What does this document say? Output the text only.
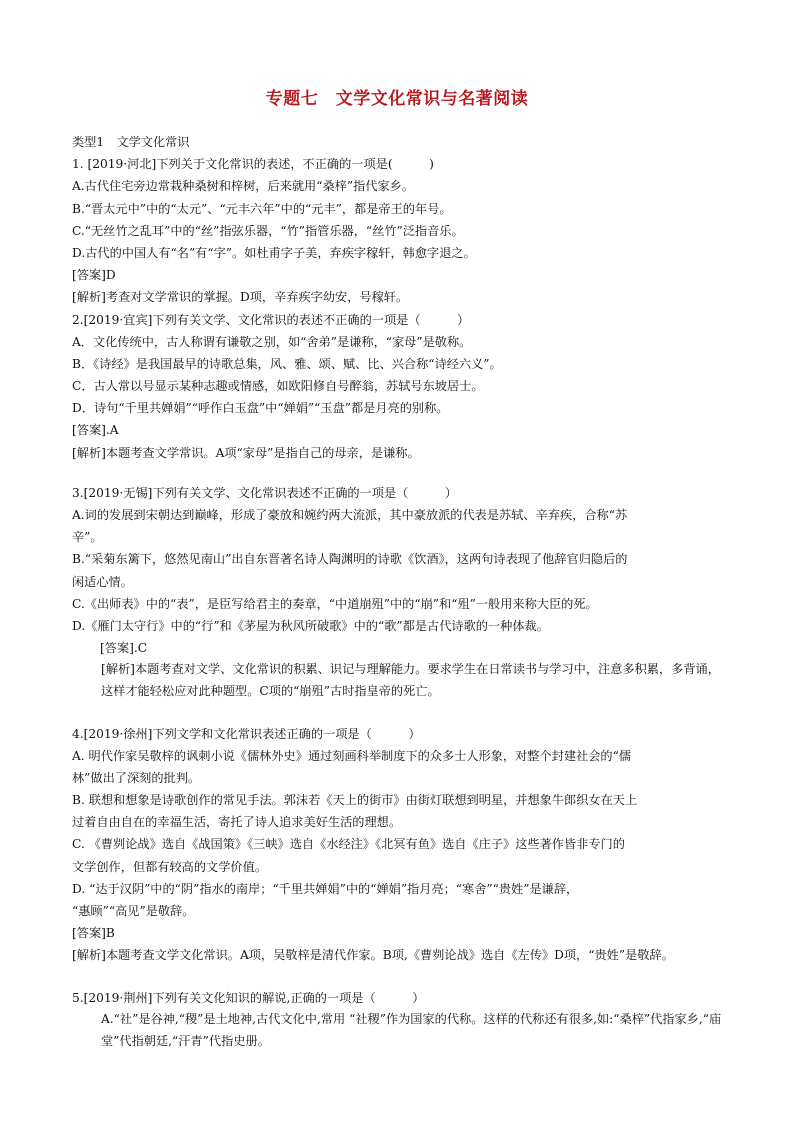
专题七　文学文化常识与名著阅读
类型1　文学文化常识
1. [2019·河北]下列关于文化常识的表述，不正确的一项是(　　　)
A.古代住宅旁边常栽种桑树和梓树，后来就用“桑梓”指代家乡。
B.“晋太元中”中的“太元”、“元丰六年”中的“元丰”，都是帝王的年号。
C.“无丝竹之乱耳”中的“丝”指弦乐器，“竹”指管乐器，“丝竹”泛指音乐。
D.古代的中国人有“名”有“字”。如杜甫字子美，弃疾字稼轩，韩愈字退之。
[答案]D
[解析]考查对文学常识的掌握。D项，辛弃疾字幼安，号稼轩。
2.[2019·宜宾]下列有关文学、文化常识的表述不正确的一项是（　　　）
A．文化传统中，古人称谓有谦敬之别，如“舍弟”是谦称，“家母”是敬称。
B．《诗经》是我国最早的诗歌总集，风、雅、颂、赋、比、兴合称“诗经六义”。
C．古人常以号显示某种志趣或情感，如欧阳修自号醉翁，苏轼号东坡居士。
D．诗句“千里共婵娟”“呼作白玉盘”中“婵娟”“玉盘”都是月亮的别称。
[答案].A
[解析]本题考查文学常识。A项“家母”是指自己的母亲，是谦称。
3.[2019·无锡]下列有关文学、文化常识表述不正确的一项是（　　　）
A.词的发展到宋朝达到巅峰，形成了豪放和婉约两大流派，其中豪放派的代表是苏轼、辛弃疾，合称“苏
辛”。
B.“采菊东篱下，悠然见南山”出自东晋著名诗人陶渊明的诗歌《饮酒》，这两句诗表现了他辞官归隐后的
闲适心情。
C.《出师表》中的“表”，是臣写给君主的奏章，“中道崩殂”中的“崩”和“殂”一般用来称大臣的死。
D.《雁门太守行》中的“行”和《茅屋为秋风所破歌》中的“歌”都是古代诗歌的一种体裁。
[答案].C

[解析]本题考查对文学、文化常识的积累、识记与理解能力。要求学生在日常读书与学习中，注意多积累，多背诵，这样才能轻松应对此种题型。C项的“崩殂”古时指皇帝的死亡。

4.[2019·徐州]下列文学和文化常识表述正确的一项是（　　　）
A. 明代作家吴敬梓的讽刺小说《儒林外史》通过刻画科举制度下的众多士人形象，对整个封建社会的“儒
林”做出了深刻的批判。
B. 联想和想象是诗歌创作的常见手法。郭沫若《天上的街市》由街灯联想到明星，并想象牛郎织女在天上
过着自由自在的幸福生活，寄托了诗人追求美好生活的理想。
C. 《曹刿论战》选自《战国策》《三峡》选自《水经注》《北冥有鱼》选自《庄子》这些著作皆非专门的
文学创作，但都有较高的文学价值。
D. “达于汉阴”中的“阴”指水的南岸；“千里共婵娟”中的“婵娟”指月亮；“寒舍”“贵姓”是谦辞，
“惠顾”“高见”是敬辞。
[答案]B

[解析]本题考查文学文化常识。A项，吴敬梓是清代作家。B项,《曹刿论战》选自《左传》D项，“贵姓”是敬辞。

5.[2019·荆州]下列有关文化知识的解说,正确的一项是（　　　）

A.“社”是谷神,“稷”是土地神,古代文化中,常用 “社稷”作为国家的代称。这样的代称还有很多,如:“桑梓”代指家乡,“庙堂”代指朝廷,“汗青”代指史册。
